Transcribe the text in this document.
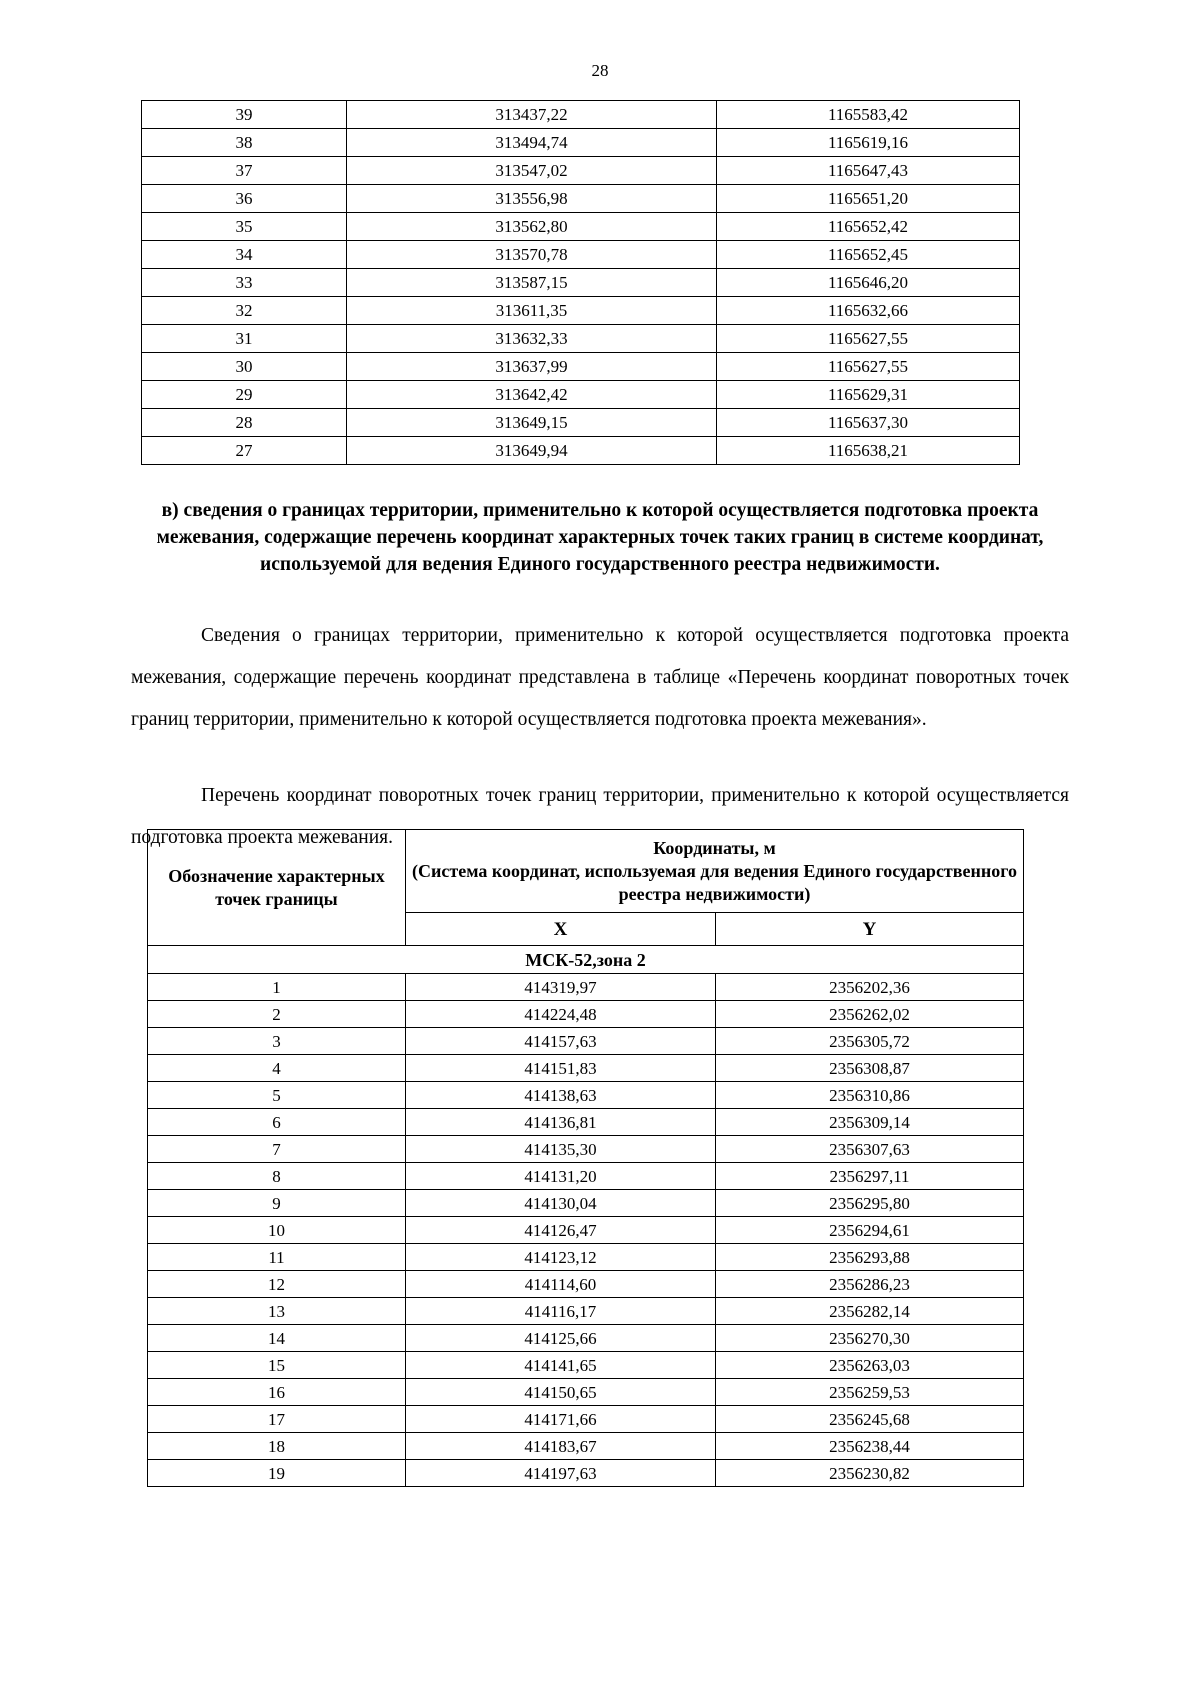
28
39	313437,22	1165583,42
38	313494,74	1165619,16
37	313547,02	1165647,43
36	313556,98	1165651,20
35	313562,80	1165652,42
34	313570,78	1165652,45
33	313587,15	1165646,20
32	313611,35	1165632,66
31	313632,33	1165627,55
30	313637,99	1165627,55
29	313642,42	1165629,31
28	313649,15	1165637,30
27	313649,94	1165638,21
в) сведения о границах территории, применительно к которой осуществляется подготовка проекта межевания, содержащие перечень координат характерных точек таких границ в системе координат, используемой для ведения Единого государственного реестра недвижимости.

Сведения о границах территории, применительно к которой осуществляется подготовка проекта межевания, содержащие перечень координат представлена в таблице «Перечень координат поворотных точек границ территории, применительно к которой осуществляется подготовка проекта межевания».

Перечень координат поворотных точек границ территории, применительно к которой осуществляется подготовка проекта межевания.

Обозначение характерных точек границы	Координаты, м
(Система координат, используемая для ведения Единого государственного реестра недвижимости)	

	X	Y
МСК-52,зона 2		
1	414319,97	2356202,36
2	414224,48	2356262,02
3	414157,63	2356305,72
4	414151,83	2356308,87
5	414138,63	2356310,86
6	414136,81	2356309,14
7	414135,30	2356307,63
8	414131,20	2356297,11
9	414130,04	2356295,80
10	414126,47	2356294,61
11	414123,12	2356293,88
12	414114,60	2356286,23
13	414116,17	2356282,14
14	414125,66	2356270,30
15	414141,65	2356263,03
16	414150,65	2356259,53
17	414171,66	2356245,68
18	414183,67	2356238,44
19	414197,63	2356230,82
